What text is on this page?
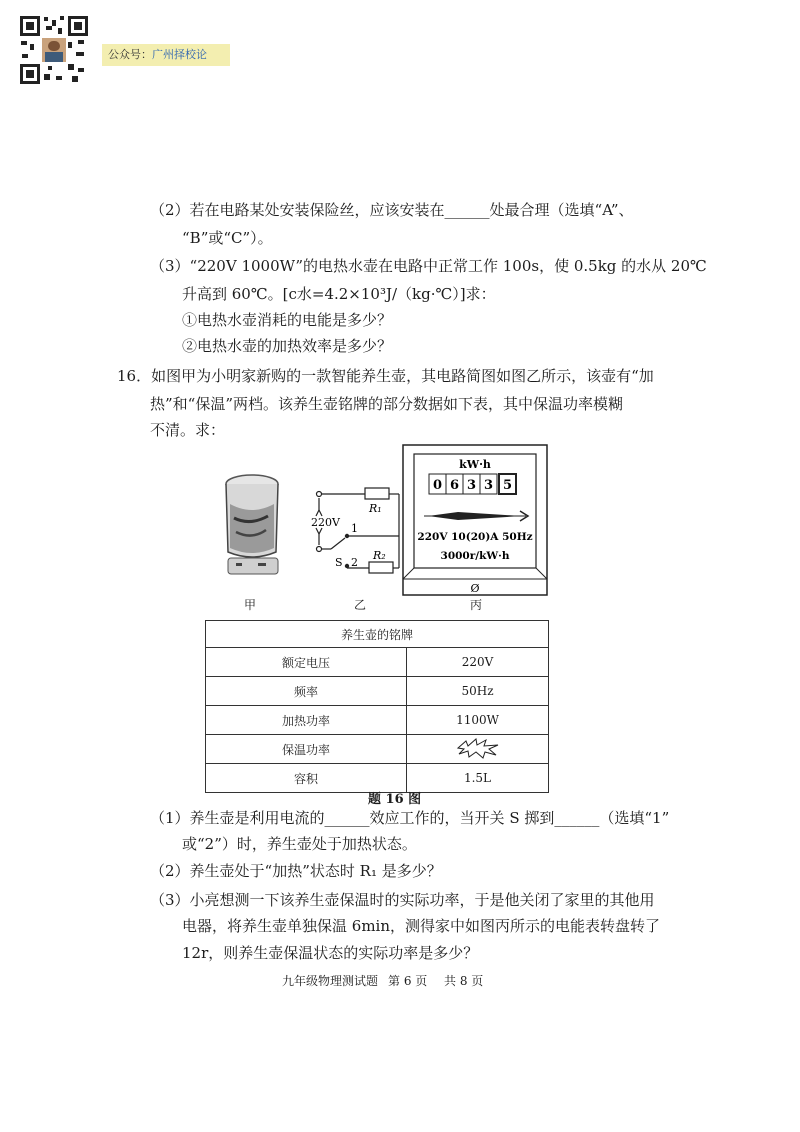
公众号：广州择校论
（2）若在电路某处安装保险丝，应该安装在______处最合理（选填“A”、
“B”或“C”）。
（3）“220V 1000W”的电热水壶在电路中正常工作 100s，使 0.5kg 的水从 20℃
升高到 60℃。[c水=4.2×10³J/（kg·℃）]求：
①电热水壶消耗的电能是多少？
②电热水壶的加热效率是多少？
16．如图甲为小明家新购的一款智能养生壶，其电路简图如图乙所示，该壶有“加
热”和“保温”两档。该养生壶铭牌的部分数据如下表，其中保温功率模糊
不清。求：
甲
220V
R₁
R₂
1
2
S
乙
kW·h
0 6 3 3 5
220V 10(20)A 50Hz
3000r/kW·h
Ø
丙
养生壶的铭牌	
额定电压	220V
频率	50Hz
加热功率	1100W
保温功率	
容积	1.5L
题 16 图
（1）养生壶是利用电流的______效应工作的，当开关 S 掷到______（选填“1”
或“2”）时，养生壶处于加热状态。
（2）养生壶处于“加热”状态时 R₁ 是多少？
（3）小亮想测一下该养生壶保温时的实际功率，于是他关闭了家里的其他用
电器，将养生壶单独保温 6min，测得家中如图丙所示的电能表转盘转了
12r，则养生壶保温状态的实际功率是多少？
九年级物理测试题 第 6 页 共 8 页
